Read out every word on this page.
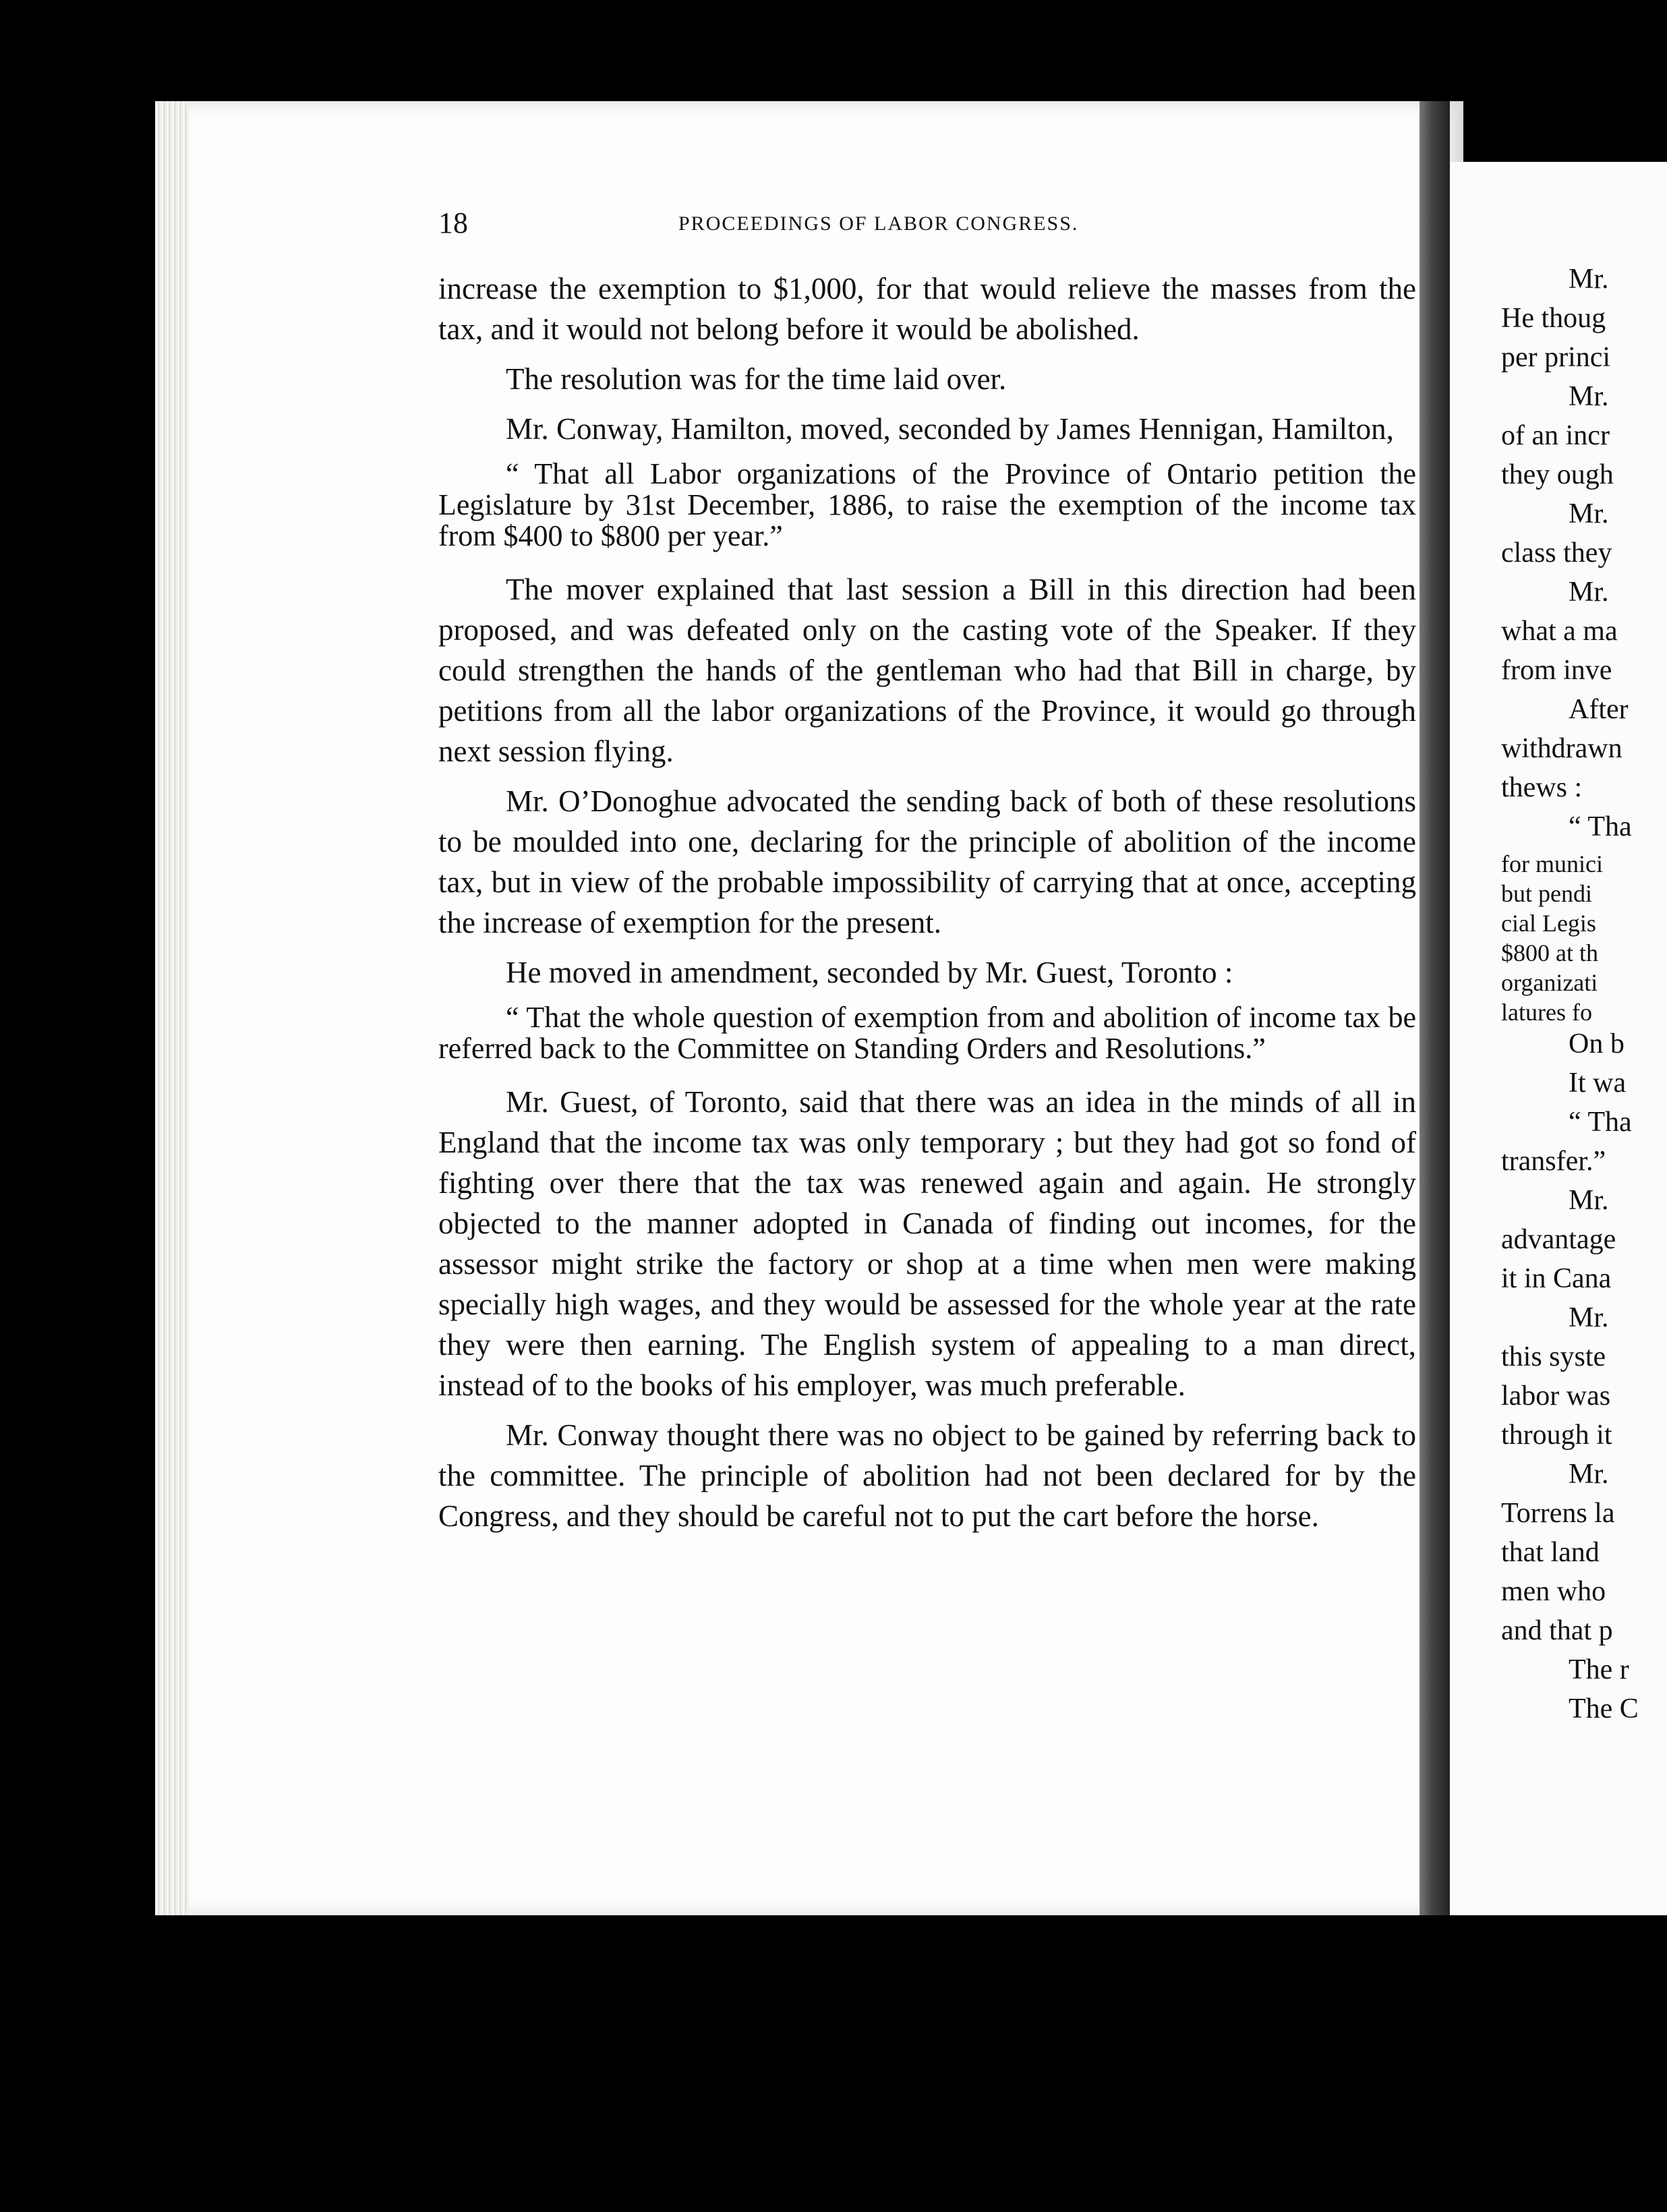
18	PROCEEDINGS OF LABOR CONGRESS.

increase the exemption to $1,000, for that would relieve the masses from the tax, and it would not belong before it would be abolished.

The resolution was for the time laid over.

Mr. Conway, Hamilton, moved, seconded by James Hennigan, Hamilton,

“ That all Labor organizations of the Province of Ontario petition the Legislature by 31st December, 1886, to raise the exemption of the income tax from $400 to $800 per year.”

The mover explained that last session a Bill in this direction had been proposed, and was defeated only on the casting vote of the Speaker. If they could strengthen the hands of the gentleman who had that Bill in charge, by petitions from all the labor organizations of the Province, it would go through next session flying.

Mr. O’Donoghue advocated the sending back of both of these resolutions to be moulded into one, declaring for the principle of abolition of the income tax, but in view of the probable impossibility of carrying that at once, accepting the increase of exemption for the present.

He moved in amendment, seconded by Mr. Guest, Toronto :

“ That the whole question of exemption from and abolition of income tax be referred back to the Committee on Standing Orders and Resolutions.”

Mr. Guest, of Toronto, said that there was an idea in the minds of all in England that the income tax was only temporary ; but they had got so fond of fighting over there that the tax was renewed again and again. He strongly objected to the manner adopted in Canada of finding out incomes, for the assessor might strike the factory or shop at a time when men were making specially high wages, and they would be assessed for the whole year at the rate they were then earning. The English system of appealing to a man direct, instead of to the books of his employer, was much preferable.

Mr. Conway thought there was no object to be gained by referring back to the committee. The principle of abolition had not been declared for by the Congress, and they should be careful not to put the cart before the horse.

Mr.
He thoug
per princi
Mr.
of an incr
they ough
Mr.
class they
Mr.
what a ma
from inve
After
withdrawn
thews :
“ Tha
for munici
but pendi
cial Legis
$800 at th
organizati
latures fo
On b
It wa
“ Tha
transfer.”
Mr.
advantage
it in Cana
Mr.
this syste
labor was
through it
Mr.
Torrens la
that land
men who
and that p
The r
The C
